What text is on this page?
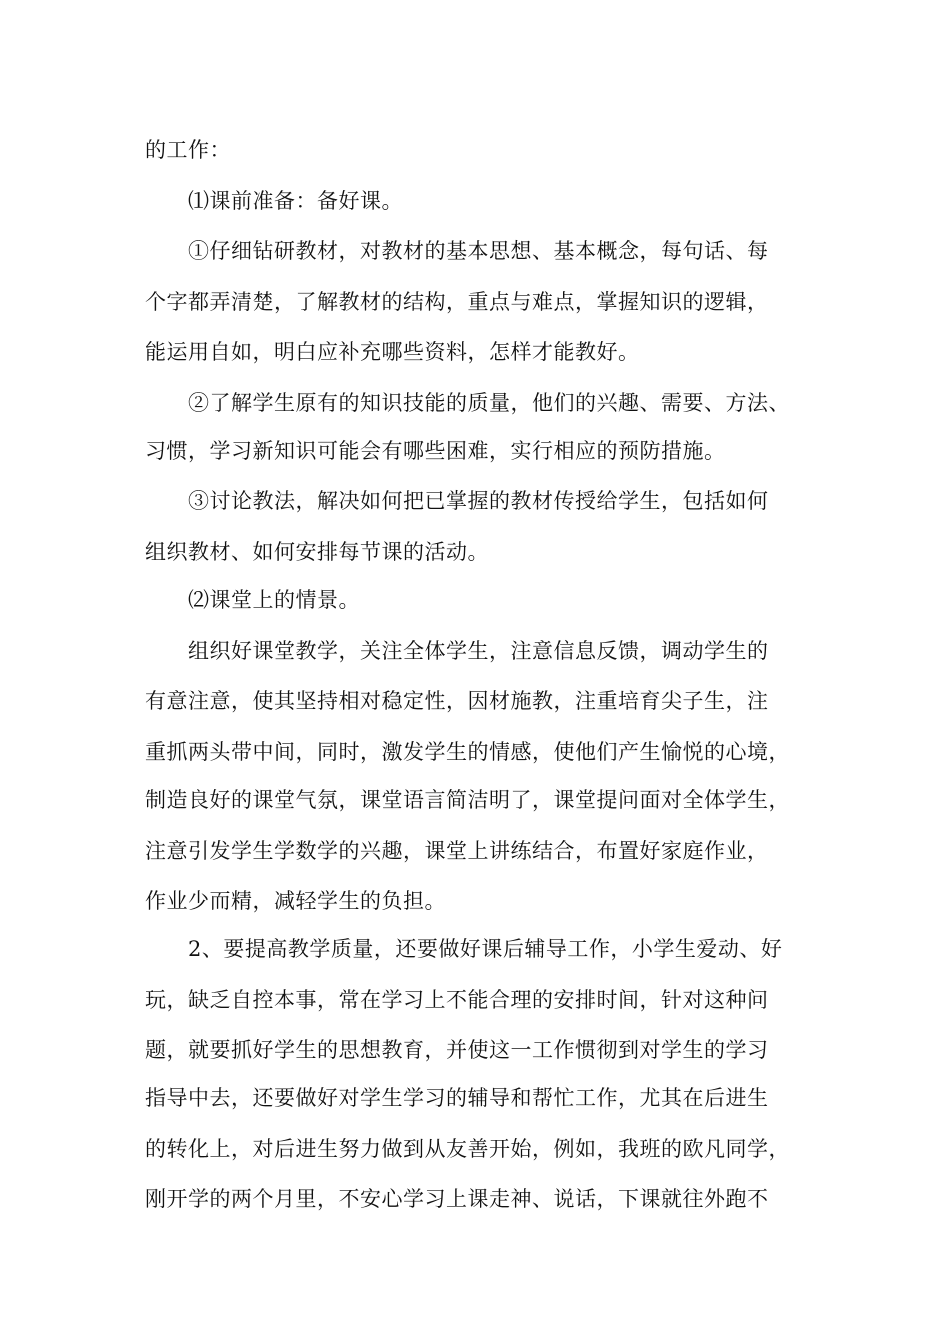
的工作：
⑴课前准备：备好课。
①仔细钻研教材，对教材的基本思想、基本概念，每句话、每
个字都弄清楚，了解教材的结构，重点与难点，掌握知识的逻辑，
能运用自如，明白应补充哪些资料，怎样才能教好。
②了解学生原有的知识技能的质量，他们的兴趣、需要、方法、
习惯，学习新知识可能会有哪些困难，实行相应的预防措施。
③讨论教法，解决如何把已掌握的教材传授给学生，包括如何
组织教材、如何安排每节课的活动。
⑵课堂上的情景。
组织好课堂教学，关注全体学生，注意信息反馈，调动学生的
有意注意，使其坚持相对稳定性，因材施教，注重培育尖子生，注
重抓两头带中间，同时，激发学生的情感，使他们产生愉悦的心境，
制造良好的课堂气氛，课堂语言简洁明了，课堂提问面对全体学生，
注意引发学生学数学的兴趣，课堂上讲练结合，布置好家庭作业，
作业少而精，减轻学生的负担。
2、要提高教学质量，还要做好课后辅导工作，小学生爱动、好
玩，缺乏自控本事，常在学习上不能合理的安排时间，针对这种问
题，就要抓好学生的思想教育，并使这一工作惯彻到对学生的学习
指导中去，还要做好对学生学习的辅导和帮忙工作，尤其在后进生
的转化上，对后进生努力做到从友善开始，例如，我班的欧凡同学，
刚开学的两个月里，不安心学习上课走神、说话，下课就往外跑不
